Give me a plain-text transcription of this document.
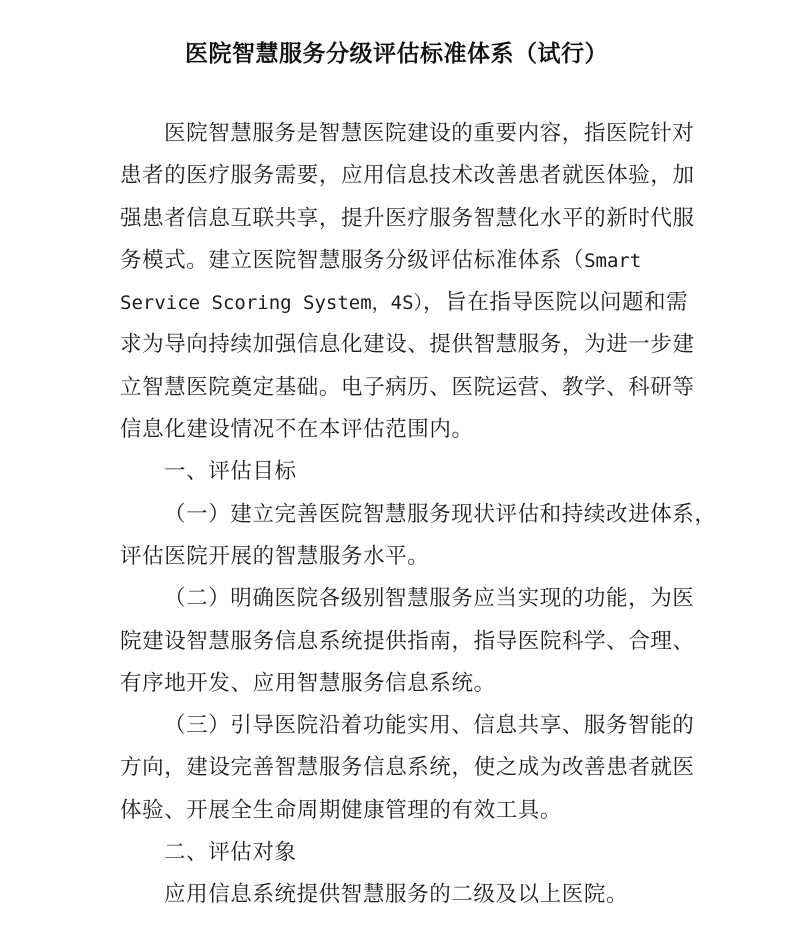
医院智慧服务分级评估标准体系（试行）
医院智慧服务是智慧医院建设的重要内容，指医院针对
患者的医疗服务需要，应用信息技术改善患者就医体验，加
强患者信息互联共享，提升医疗服务智慧化水平的新时代服
务模式。建立医院智慧服务分级评估标准体系（Smart
Service Scoring System，4S），旨在指导医院以问题和需
求为导向持续加强信息化建设、提供智慧服务，为进一步建
立智慧医院奠定基础。电子病历、医院运营、教学、科研等
信息化建设情况不在本评估范围内。
一、评估目标
（一）建立完善医院智慧服务现状评估和持续改进体系，
评估医院开展的智慧服务水平。
（二）明确医院各级别智慧服务应当实现的功能，为医
院建设智慧服务信息系统提供指南，指导医院科学、合理、
有序地开发、应用智慧服务信息系统。
（三）引导医院沿着功能实用、信息共享、服务智能的
方向，建设完善智慧服务信息系统，使之成为改善患者就医
体验、开展全生命周期健康管理的有效工具。
二、评估对象
应用信息系统提供智慧服务的二级及以上医院。
